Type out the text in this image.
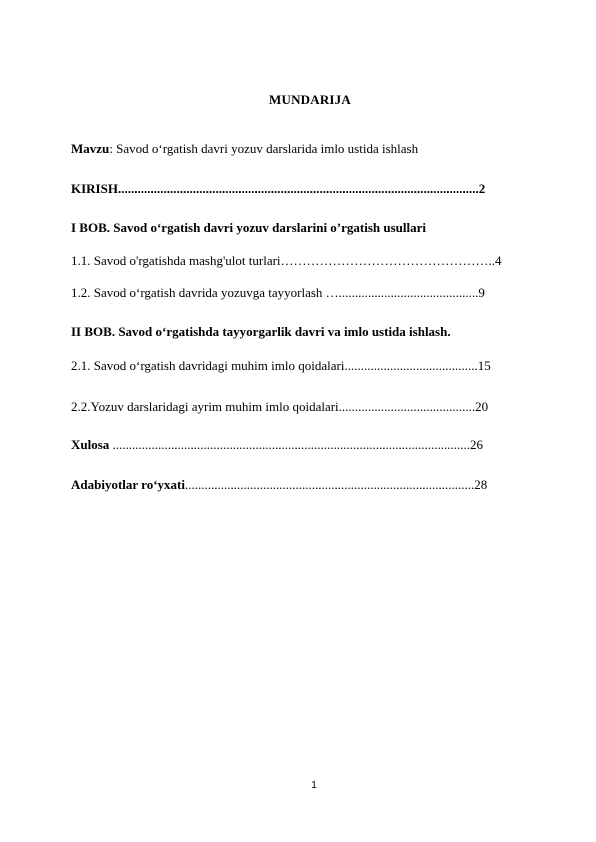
MUNDARIJA
Mavzu: Savod o‘rgatish davri yozuv darslarida imlo ustida ishlash
KIRISH...............................................................................................................2
I BOB. Savod o‘rgatish davri yozuv darslarini o’rgatish usullari
1.1. Savod o'rgatishda mashg'ulot turlari…………………………………………..4
1.2. Savod o‘rgatish davrida yozuvga tayyorlash …...........................................9
II BOB. Savod o‘rgatishda tayyorgarlik davri va imlo ustida ishlash.
2.1. Savod o‘rgatish davridagi muhim imlo qoidalari.........................................15
2.2.Yozuv darslaridagi ayrim muhim imlo qoidalari..........................................20
Xulosa ..............................................................................................................26
Adabiyotlar ro‘yxati.........................................................................................28
1
